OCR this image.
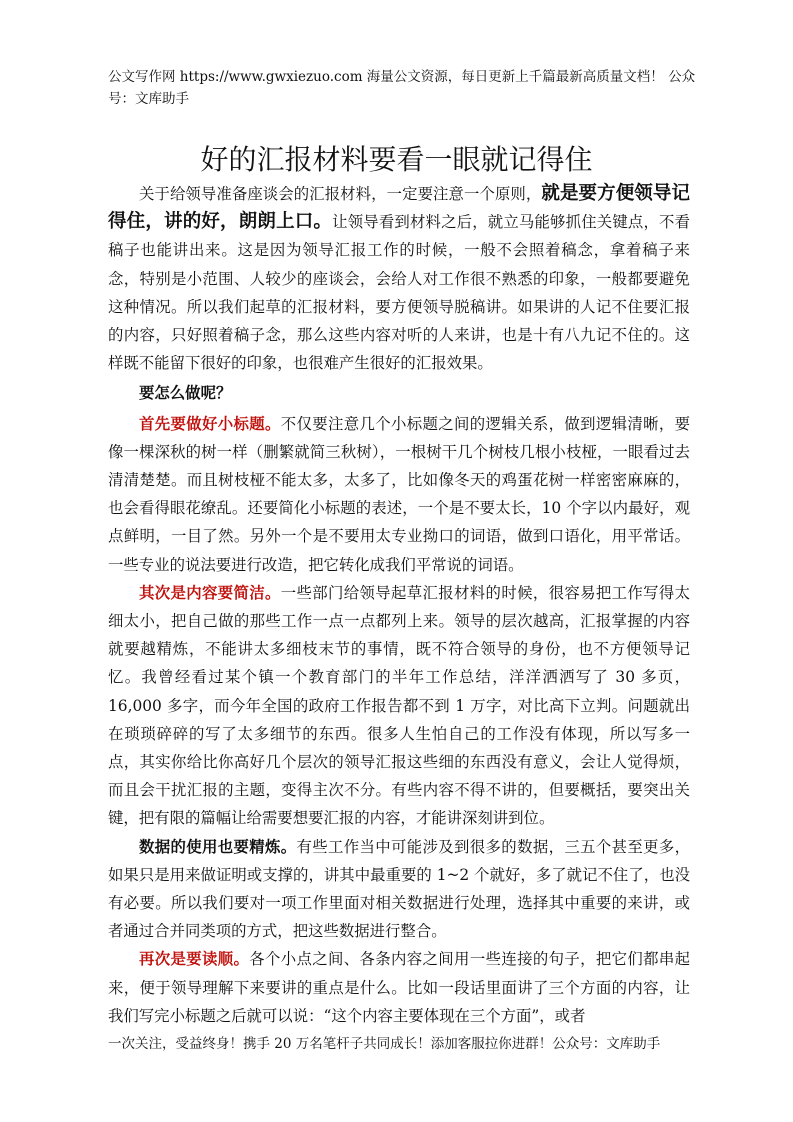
公文写作网 https://www.gwxiezuo.com 海量公文资源，每日更新上千篇最新高质量文档！ 公众号：文库助手
好的汇报材料要看一眼就记得住

关于给领导准备座谈会的汇报材料，一定要注意一个原则，就是要方便领导记得住，讲的好，朗朗上口。让领导看到材料之后，就立马能够抓住关键点，不看稿子也能讲出来。这是因为领导汇报工作的时候，一般不会照着稿念，拿着稿子来念，特别是小范围、人较少的座谈会，会给人对工作很不熟悉的印象，一般都要避免这种情况。所以我们起草的汇报材料，要方便领导脱稿讲。如果讲的人记不住要汇报的内容，只好照着稿子念，那么这些内容对听的人来讲，也是十有八九记不住的。这样既不能留下很好的印象，也很难产生很好的汇报效果。

要怎么做呢？

首先要做好小标题。不仅要注意几个小标题之间的逻辑关系，做到逻辑清晰，要像一棵深秋的树一样（删繁就简三秋树），一根树干几个树枝几根小枝桠，一眼看过去清清楚楚。而且树枝桠不能太多，太多了，比如像冬天的鸡蛋花树一样密密麻麻的，也会看得眼花缭乱。还要简化小标题的表述，一个是不要太长，10 个字以内最好，观点鲜明，一目了然。另外一个是不要用太专业拗口的词语，做到口语化，用平常话。一些专业的说法要进行改造，把它转化成我们平常说的词语。

其次是内容要简洁。一些部门给领导起草汇报材料的时候，很容易把工作写得太细太小，把自己做的那些工作一点一点都列上来。领导的层次越高，汇报掌握的内容就要越精炼，不能讲太多细枝末节的事情，既不符合领导的身份，也不方便领导记忆。我曾经看过某个镇一个教育部门的半年工作总结，洋洋洒洒写了 30 多页，16,000 多字，而今年全国的政府工作报告都不到 1 万字，对比高下立判。问题就出在琐琐碎碎的写了太多细节的东西。很多人生怕自己的工作没有体现，所以写多一点，其实你给比你高好几个层次的领导汇报这些细的东西没有意义，会让人觉得烦，而且会干扰汇报的主题，变得主次不分。有些内容不得不讲的，但要概括，要突出关键，把有限的篇幅让给需要想要汇报的内容，才能讲深刻讲到位。

数据的使用也要精炼。有些工作当中可能涉及到很多的数据，三五个甚至更多，如果只是用来做证明或支撑的，讲其中最重要的 1~2 个就好，多了就记不住了，也没有必要。所以我们要对一项工作里面对相关数据进行处理，选择其中重要的来讲，或者通过合并同类项的方式，把这些数据进行整合。

再次是要读顺。各个小点之间、各条内容之间用一些连接的句子，把它们都串起来，便于领导理解下来要讲的重点是什么。比如一段话里面讲了三个方面的内容，让我们写完小标题之后就可以说：“这个内容主要体现在三个方面”，或者

一次关注，受益终身！携手 20 万名笔杆子共同成长！添加客服拉你进群！公众号：文库助手
